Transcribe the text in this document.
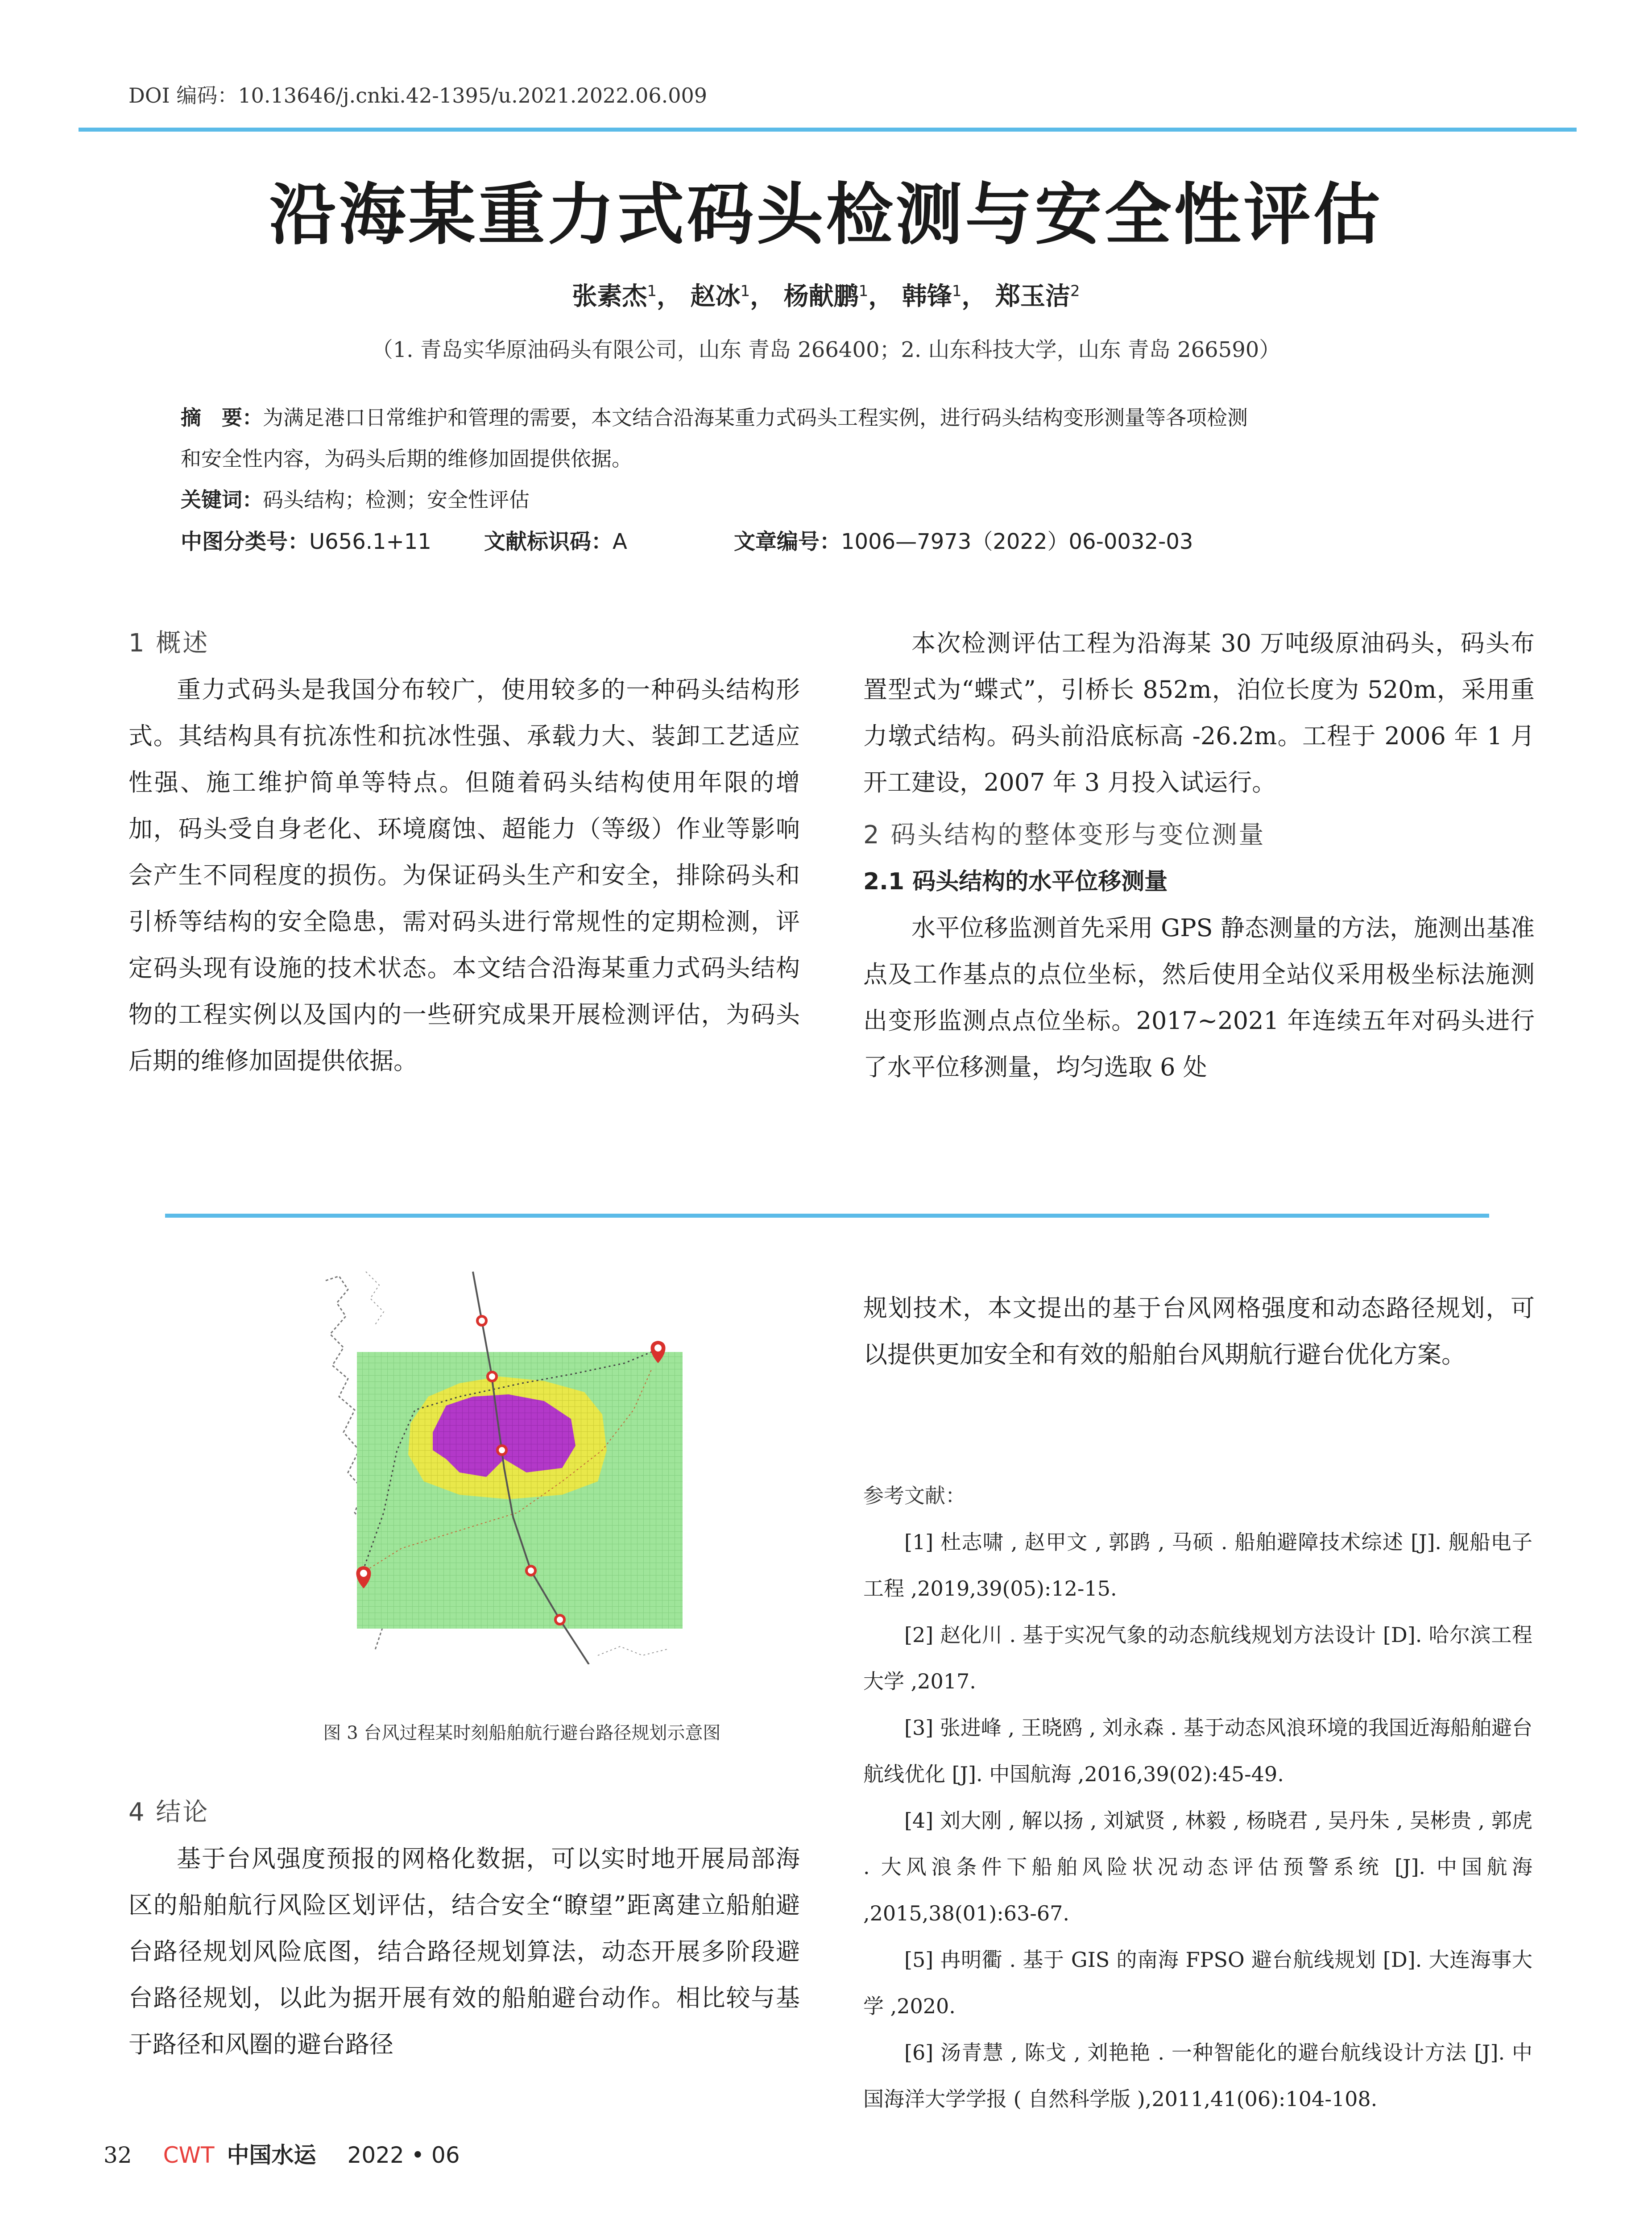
DOI 编码：10.13646/j.cnki.42-1395/u.2021.2022.06.009
沿海某重力式码头检测与安全性评估
张素杰$^1$， 赵冰$^1$， 杨献鹏$^1$， 韩锋$^1$， 郑玉洁$^2$
（1. 青岛实华原油码头有限公司，山东 青岛 266400；2. 山东科技大学，山东 青岛 266590）
摘　要：为满足港口日常维护和管理的需要，本文结合沿海某重力式码头工程实例，进行码头结构变形测量等各项检测
和安全性内容，为码头后期的维修加固提供依据。
关键词：码头结构；检测；安全性评估
中图分类号：U656.1+11 文献标识码：A	文章编号：1006—7973（2022）06-0032-03
1 概述

重力式码头是我国分布较广，使用较多的一种码头结构形式。其结构具有抗冻性和抗冰性强、承载力大、装卸工艺适应性强、施工维护简单等特点。但随着码头结构使用年限的增加，码头受自身老化、环境腐蚀、超能力（等级）作业等影响会产生不同程度的损伤。为保证码头生产和安全，排除码头和引桥等结构的安全隐患，需对码头进行常规性的定期检测，评定码头现有设施的技术状态。本文结合沿海某重力式码头结构物的工程实例以及国内的一些研究成果开展检测评估，为码头后期的维修加固提供依据。

本次检测评估工程为沿海某 30 万吨级原油码头，码头布置型式为“蝶式”，引桥长 852m，泊位长度为 520m，采用重力墩式结构。码头前沿底标高 -26.2m。工程于 2006 年 1 月开工建设，2007 年 3 月投入试运行。

2 码头结构的整体变形与变位测量
2.1 码头结构的水平位移测量

水平位移监测首先采用 GPS 静态测量的方法，施测出基准点及工作基点的点位坐标，然后使用全站仪采用极坐标法施测出变形监测点点位坐标。2017~2021 年连续五年对码头进行了水平位移测量，均匀选取 6 处

图 3 台风过程某时刻船舶航行避台路径规划示意图
4 结论

基于台风强度预报的网格化数据，可以实时地开展局部海区的船舶航行风险区划评估，结合安全“瞭望”距离建立船舶避台路径规划风险底图，结合路径规划算法，动态开展多阶段避台路径规划，以此为据开展有效的船舶避台动作。相比较与基于路径和风圈的避台路径

规划技术，本文提出的基于台风网格强度和动态路径规划，可以提供更加安全和有效的船舶台风期航行避台优化方案。

参考文献：

[1] 杜志啸 , 赵甲文 , 郭鹍 , 马硕 . 船舶避障技术综述 [J]. 舰船电子工程 ,2019,39(05):12-15.

[2] 赵化川 . 基于实况气象的动态航线规划方法设计 [D]. 哈尔滨工程大学 ,2017.

[3] 张进峰 , 王晓鸥 , 刘永森 . 基于动态风浪环境的我国近海船舶避台航线优化 [J]. 中国航海 ,2016,39(02):45-49.

[4] 刘大刚 , 解以扬 , 刘斌贤 , 林毅 , 杨晓君 , 吴丹朱 , 吴彬贵 , 郭虎 . 大风浪条件下船舶风险状况动态评估预警系统 [J]. 中国航海 ,2015,38(01):63-67.

[5] 冉明衢 . 基于 GIS 的南海 FPSO 避台航线规划 [D]. 大连海事大学 ,2020.

[6] 汤青慧 , 陈戈 , 刘艳艳 . 一种智能化的避台航线设计方法 [J]. 中国海洋大学学报 ( 自然科学版 ),2011,41(06):104-108.

32 CWT 中国水运 2022 • 06
